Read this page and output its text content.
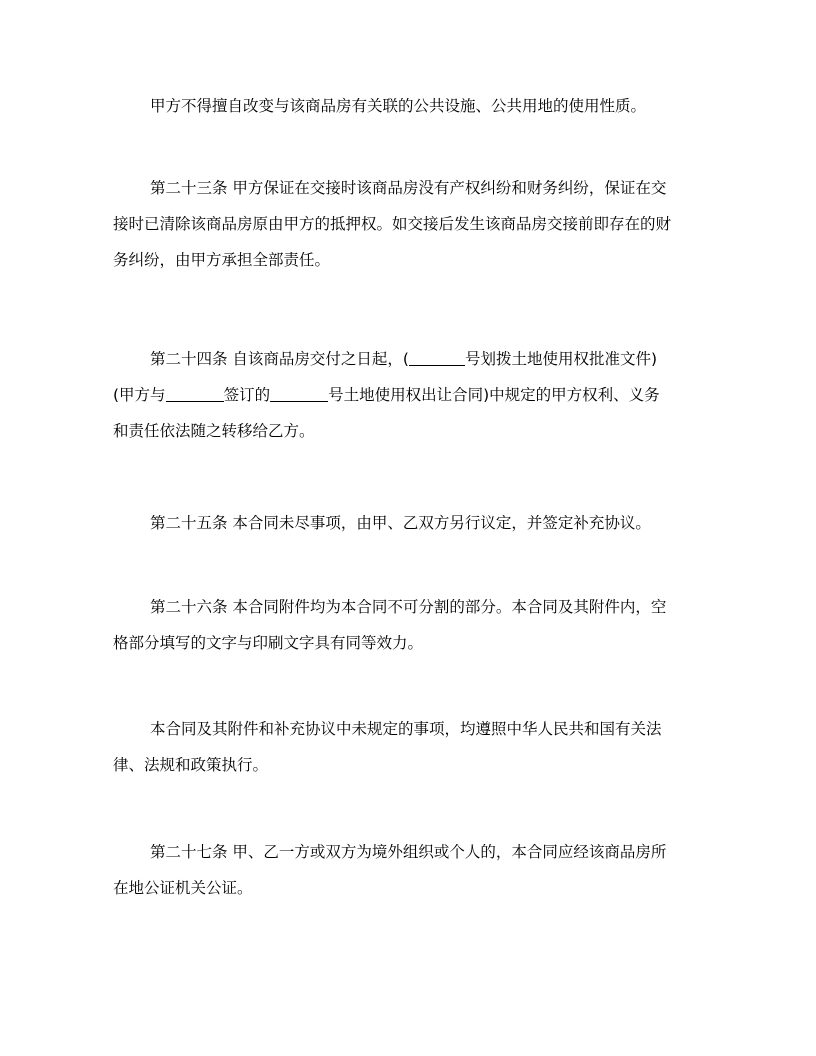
甲方不得擅自改变与该商品房有关联的公共设施、公共用地的使用性质。

第二十三条 甲方保证在交接时该商品房没有产权纠纷和财务纠纷，保证在交接时已清除该商品房原由甲方的抵押权。如交接后发生该商品房交接前即存在的财务纠纷，由甲方承担全部责任。

第二十四条 自该商品房交付之日起，(	号划拨土地使用权批准文件)(甲方与	签订的	号土地使用权出让合同)中规定的甲方权利、义务和责任依法随之转移给乙方。

第二十五条 本合同未尽事项，由甲、乙双方另行议定，并签定补充协议。

第二十六条 本合同附件均为本合同不可分割的部分。本合同及其附件内，空格部分填写的文字与印刷文字具有同等效力。

本合同及其附件和补充协议中未规定的事项，均遵照中华人民共和国有关法律、法规和政策执行。

第二十七条 甲、乙一方或双方为境外组织或个人的，本合同应经该商品房所在地公证机关公证。
